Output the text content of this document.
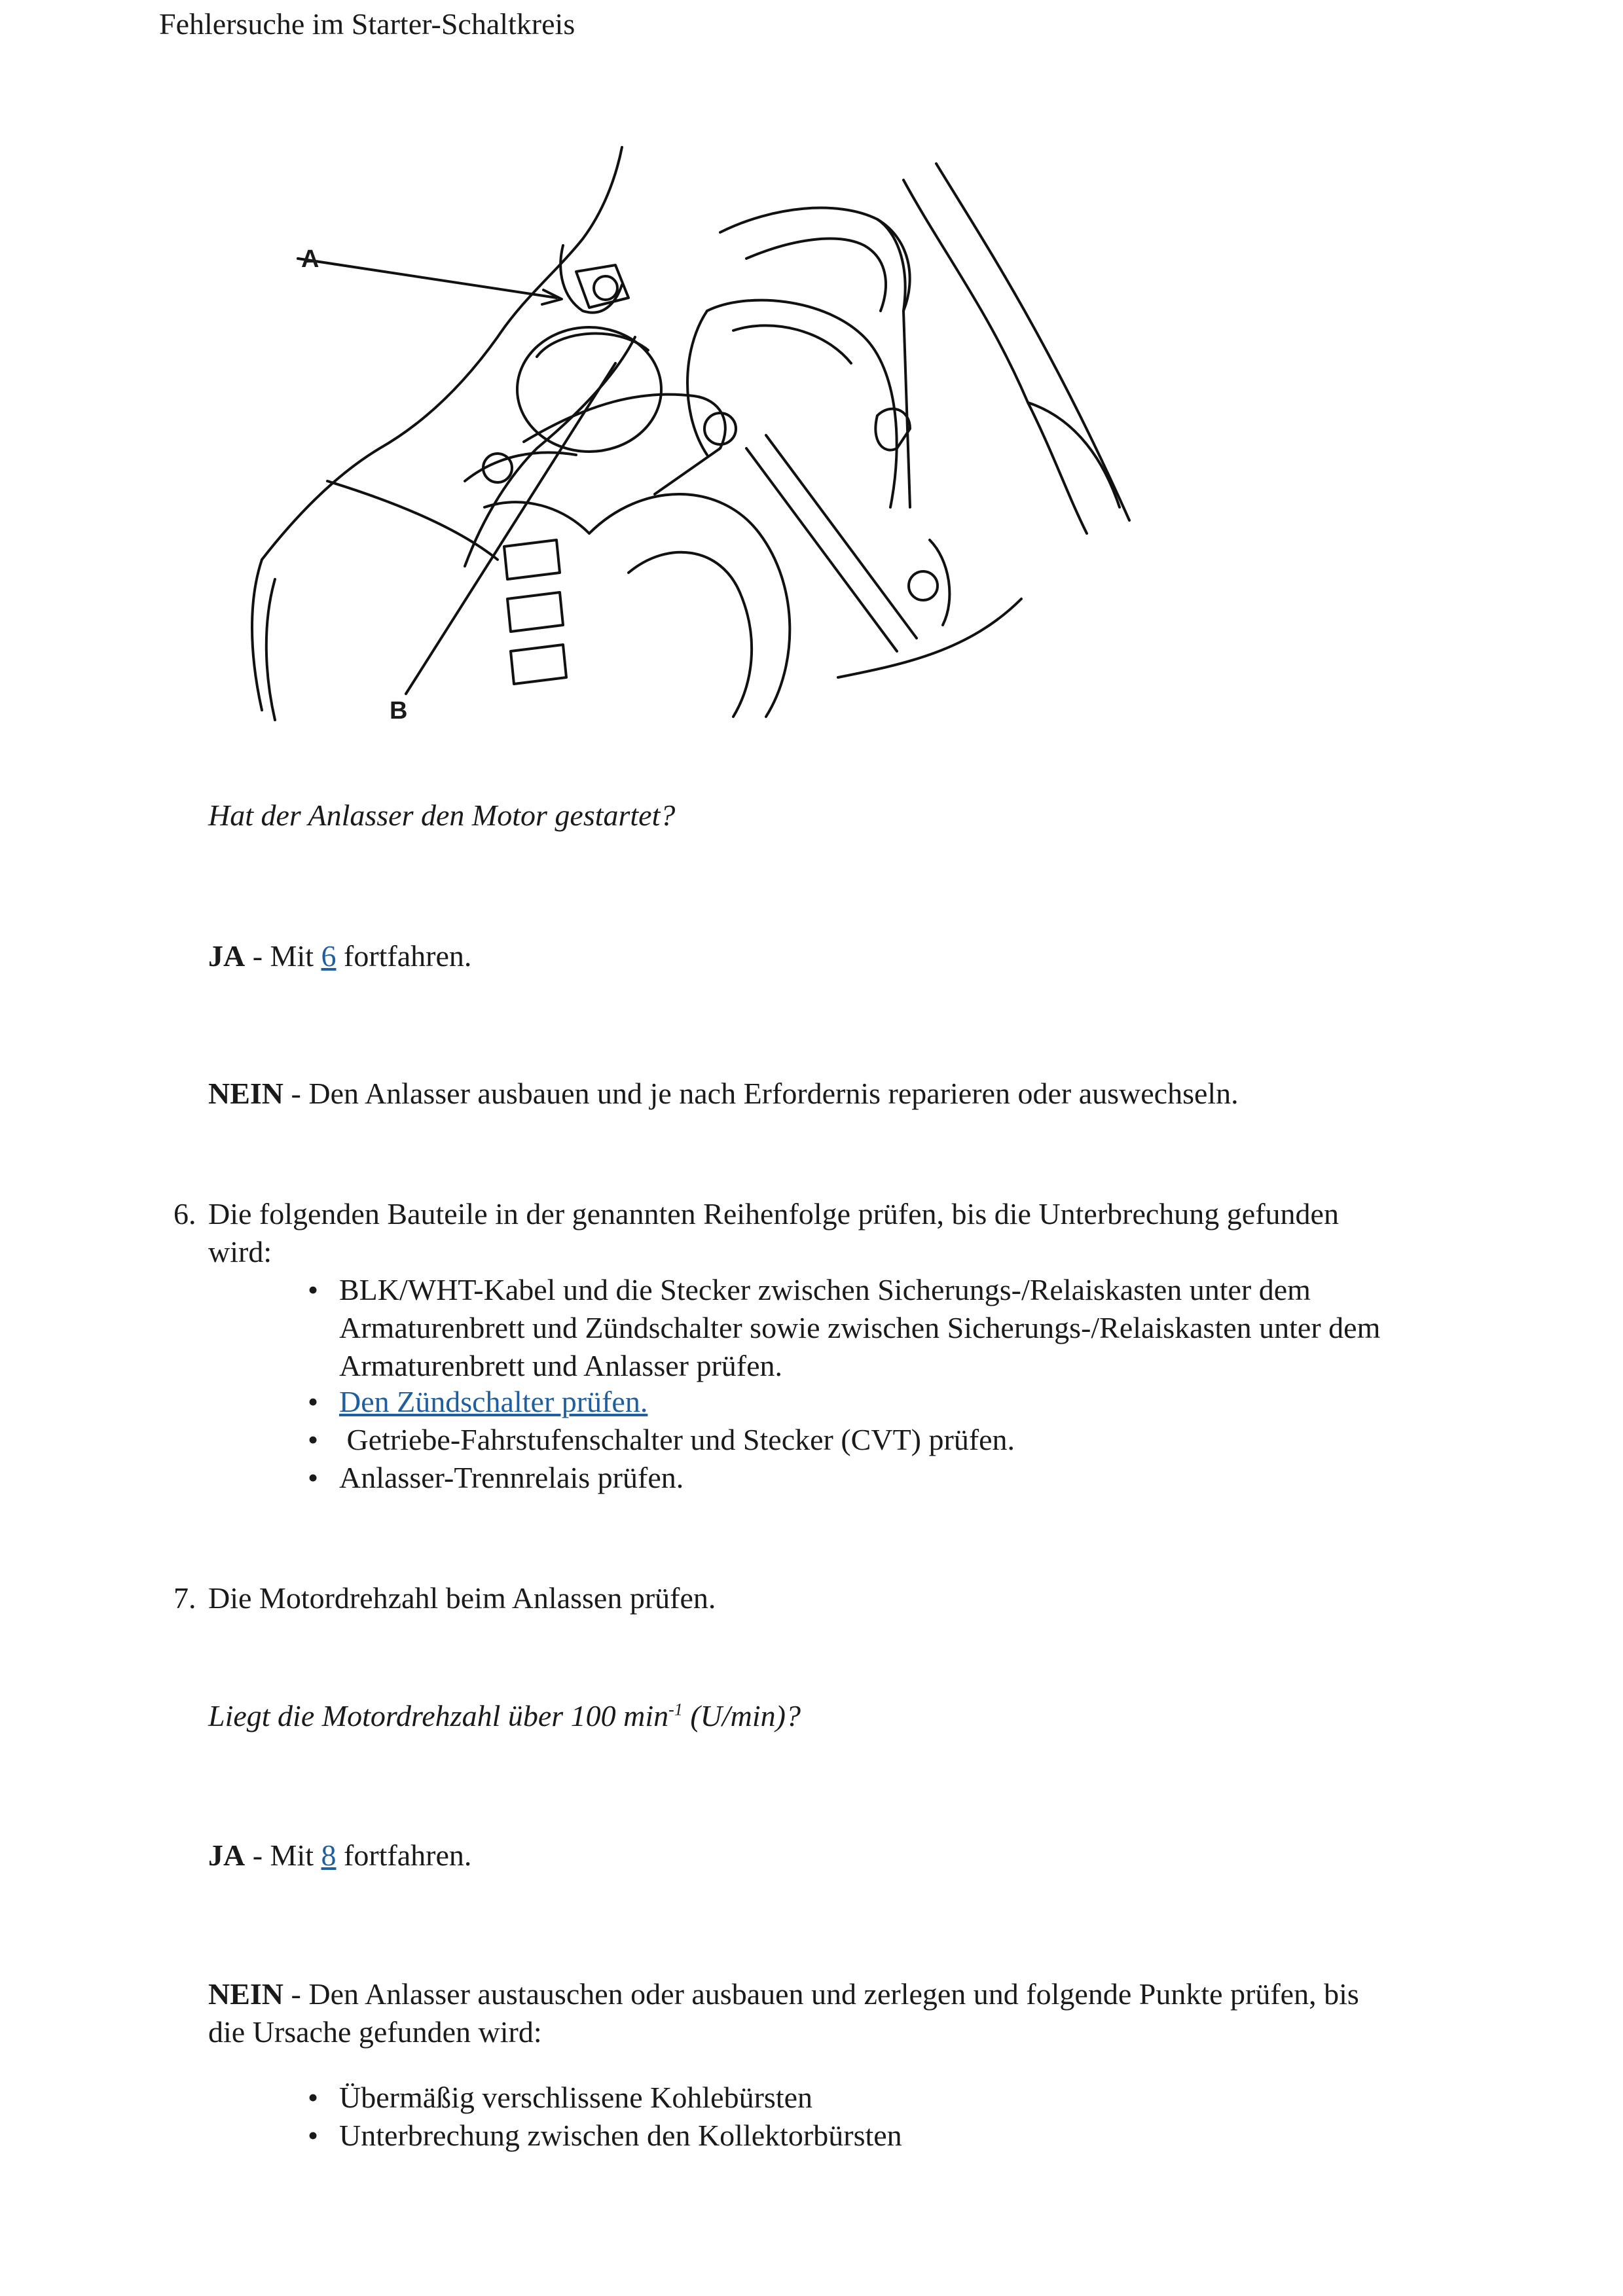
Fehlersuche im Starter-Schaltkreis
A
B
Hat der Anlasser den Motor gestartet?
JA - Mit 6 fortfahren.
NEIN - Den Anlasser ausbauen und je nach Erfordernis reparieren oder auswechseln.
6. Die folgenden Bauteile in der genannten Reihenfolge prüfen, bis die Unterbrechung gefunden
wird:
• BLK/WHT-Kabel und die Stecker zwischen Sicherungs-/Relaiskasten unter dem
Armaturenbrett und Zündschalter sowie zwischen Sicherungs-/Relaiskasten unter dem
Armaturenbrett und Anlasser prüfen.
• Den Zündschalter prüfen.
• Getriebe-Fahrstufenschalter und Stecker (CVT) prüfen.
• Anlasser-Trennrelais prüfen.
7. Die Motordrehzahl beim Anlassen prüfen.
Liegt die Motordrehzahl über 100 $\min^{-1} (U/\min)$?
JA - Mit 8 fortfahren.
NEIN - Den Anlasser austauschen oder ausbauen und zerlegen und folgende Punkte prüfen, bis
die Ursache gefunden wird:
• Übermäßig verschlissene Kohlebürsten
• Unterbrechung zwischen den Kollektorbürsten
